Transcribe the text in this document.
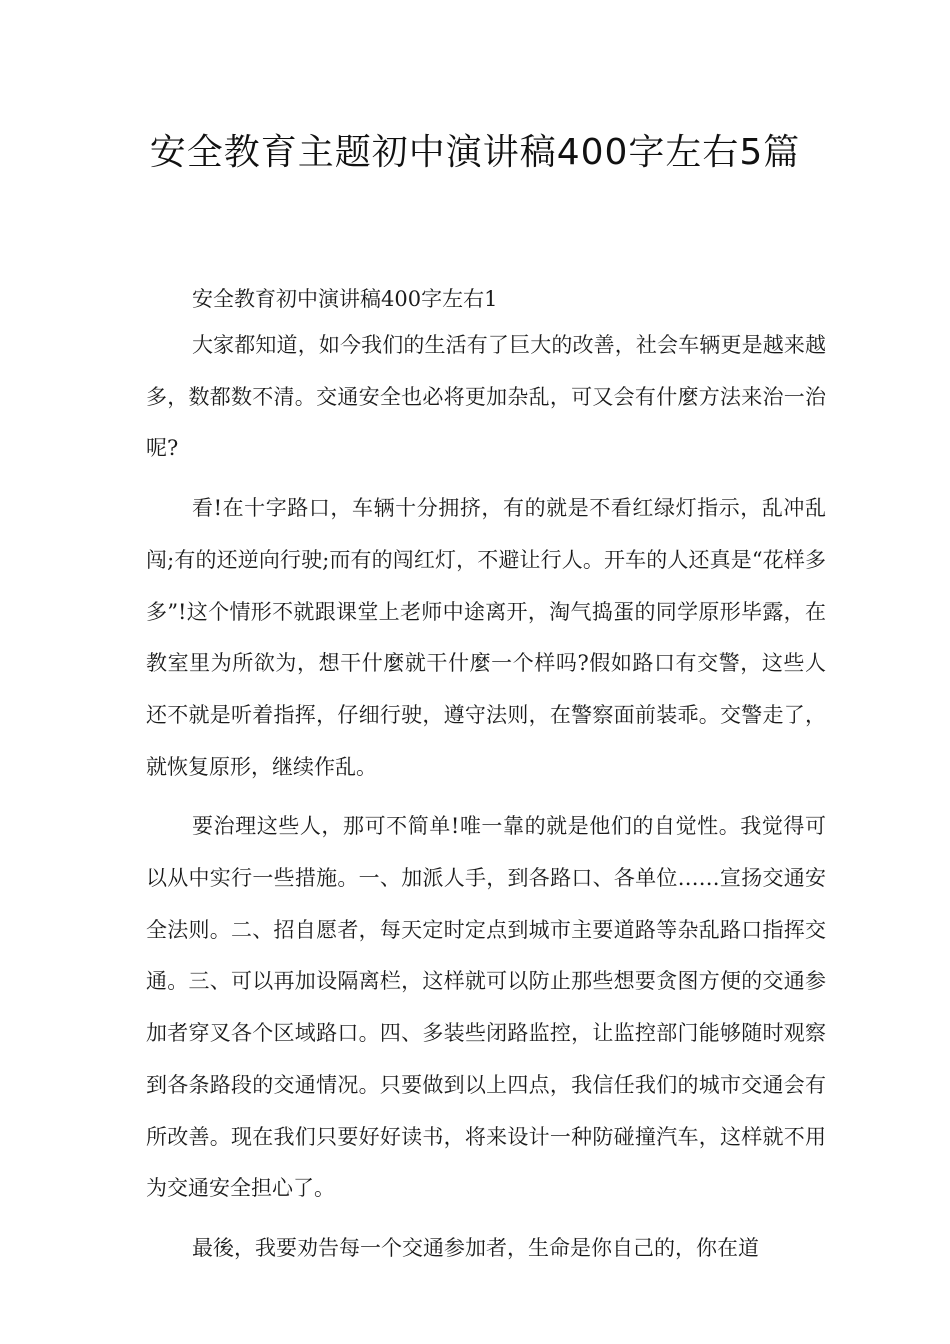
安全教育主题初中演讲稿400字左右5篇

安全教育初中演讲稿400字左右1

大家都知道，如今我们的生活有了巨大的改善，社会车辆更是越来越多，数都数不清。交通安全也必将更加杂乱，可又会有什麼方法来治一治呢?

看!在十字路口，车辆十分拥挤，有的就是不看红绿灯指示，乱冲乱闯;有的还逆向行驶;而有的闯红灯，不避让行人。开车的人还真是“花样多多”!这个情形不就跟课堂上老师中途离开，淘气捣蛋的同学原形毕露，在教室里为所欲为，想干什麼就干什麼一个样吗?假如路口有交警，这些人还不就是听着指挥，仔细行驶，遵守法则，在警察面前装乖。交警走了，就恢复原形，继续作乱。

要治理这些人，那可不简单!唯一靠的就是他们的自觉性。我觉得可以从中实行一些措施。一、加派人手，到各路口、各单位……宣扬交通安全法则。二、招自愿者，每天定时定点到城市主要道路等杂乱路口指挥交通。三、可以再加设隔离栏，这样就可以防止那些想要贪图方便的交通参加者穿叉各个区域路口。四、多装些闭路监控，让监控部门能够随时观察到各条路段的交通情况。只要做到以上四点，我信任我们的城市交通会有所改善。现在我们只要好好读书，将来设计一种防碰撞汽车，这样就不用为交通安全担心了。

最後，我要劝告每一个交通参加者，生命是你自己的，你在道
